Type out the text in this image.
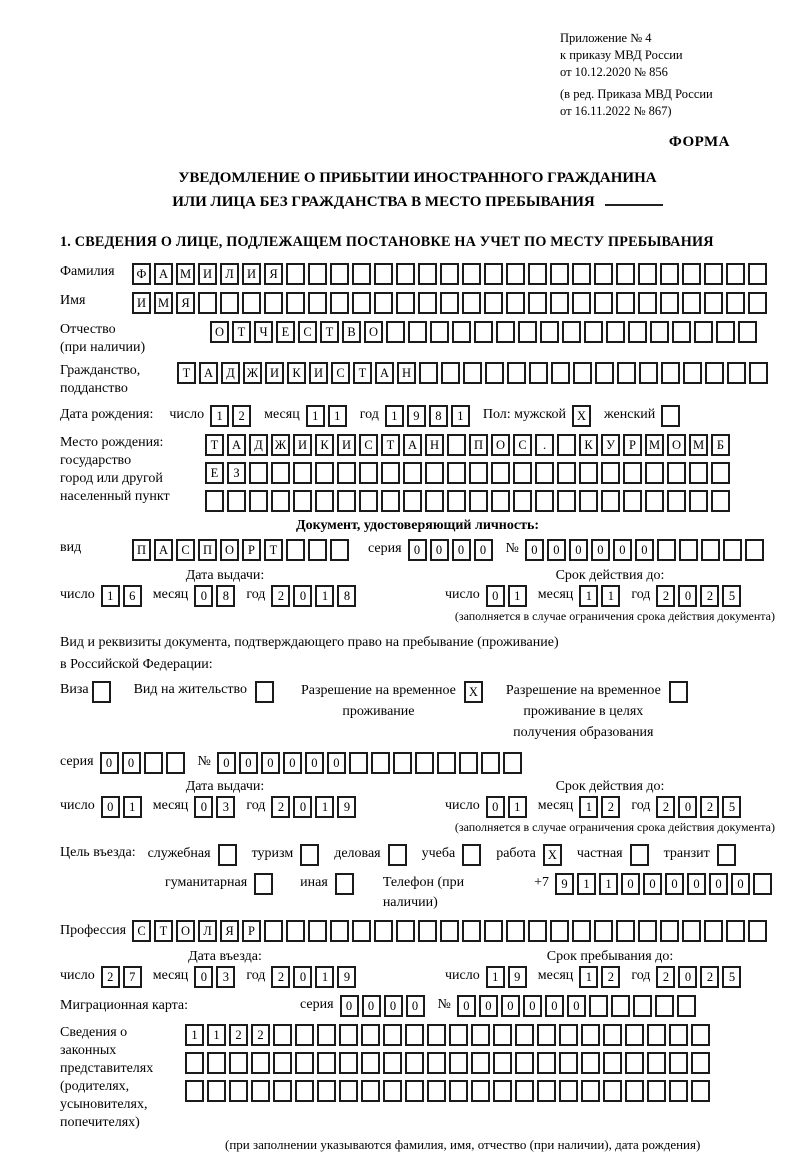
Приложение № 4
к приказу МВД России
от 10.12.2020 № 856
(в ред. Приказа МВД России
от 16.11.2022 № 867)
ФОРМА
УВЕДОМЛЕНИЕ О ПРИБЫТИИ ИНОСТРАННОГО ГРАЖДАНИНА
ИЛИ ЛИЦА БЕЗ ГРАЖДАНСТВА В МЕСТО ПРЕБЫВАНИЯ
1. СВЕДЕНИЯ О ЛИЦЕ, ПОДЛЕЖАЩЕМ ПОСТАНОВКЕ НА УЧЕТ ПО МЕСТУ ПРЕБЫВАНИЯ
Фамилия	Ф А М И Л И Я
Имя	И М Я
Отчество
(при наличии)
О Т Ч Е С Т В О
Гражданство,
подданство
Т А Д Ж И К И С Т А Н
Дата рождения: число 1 2	месяц 1 1	год 1 9 8 1	Пол: мужской X	женский
Место рождения:
государство
город или другой
населенный пункт
Т А Д Ж И К И С Т А Н	П О С .	К У Р М О М Б
Е З
Документ, удостоверяющий личность:
вид	П А С П О Р Т	серия 0 0 0 0	№ 0 0 0 0 0 0
Дата выдачи:	Срок действия до:
число 1 6	месяц 0 8	год 2 0 1 8	число 0 1	месяц 1 1	год 2 0 2 5
(заполняется в случае ограничения срока действия документа)
Вид и реквизиты документа, подтверждающего право на пребывание (проживание)
в Российской Федерации:
Виза	Вид на жительство	Разрешение на временное
проживание
X	Разрешение на временное
проживание в целях
получения образования
серия 0 0	№ 0 0 0 0 0 0
Дата выдачи:	Срок действия до:
число 0 1	месяц 0 3	год 2 0 1 9	число 0 1	месяц 1 2	год 2 0 2 5
(заполняется в случае ограничения срока действия документа)
Цель въезда: служебная	туризм	деловая	учеба	работа X	частная	транзит
гуманитарная	иная	Телефон (при наличии)
+7 9 1 1 0 0 0 0 0 0
Профессия С Т О Л Я Р
Дата въезда:	Срок пребывания до:
число 2 7	месяц 0 3	год 2 0 1 9	число 1 9	месяц 1 2	год 2 0 2 5
Миграционная карта:	серия 0 0 0 0	№ 0 0 0 0 0 0
Сведения о
законных
представителях
(родителях,
усыновителях,
попечителях)
1 1 2 2
(при заполнении указываются фамилия, имя, отчество (при наличии), дата рождения)
